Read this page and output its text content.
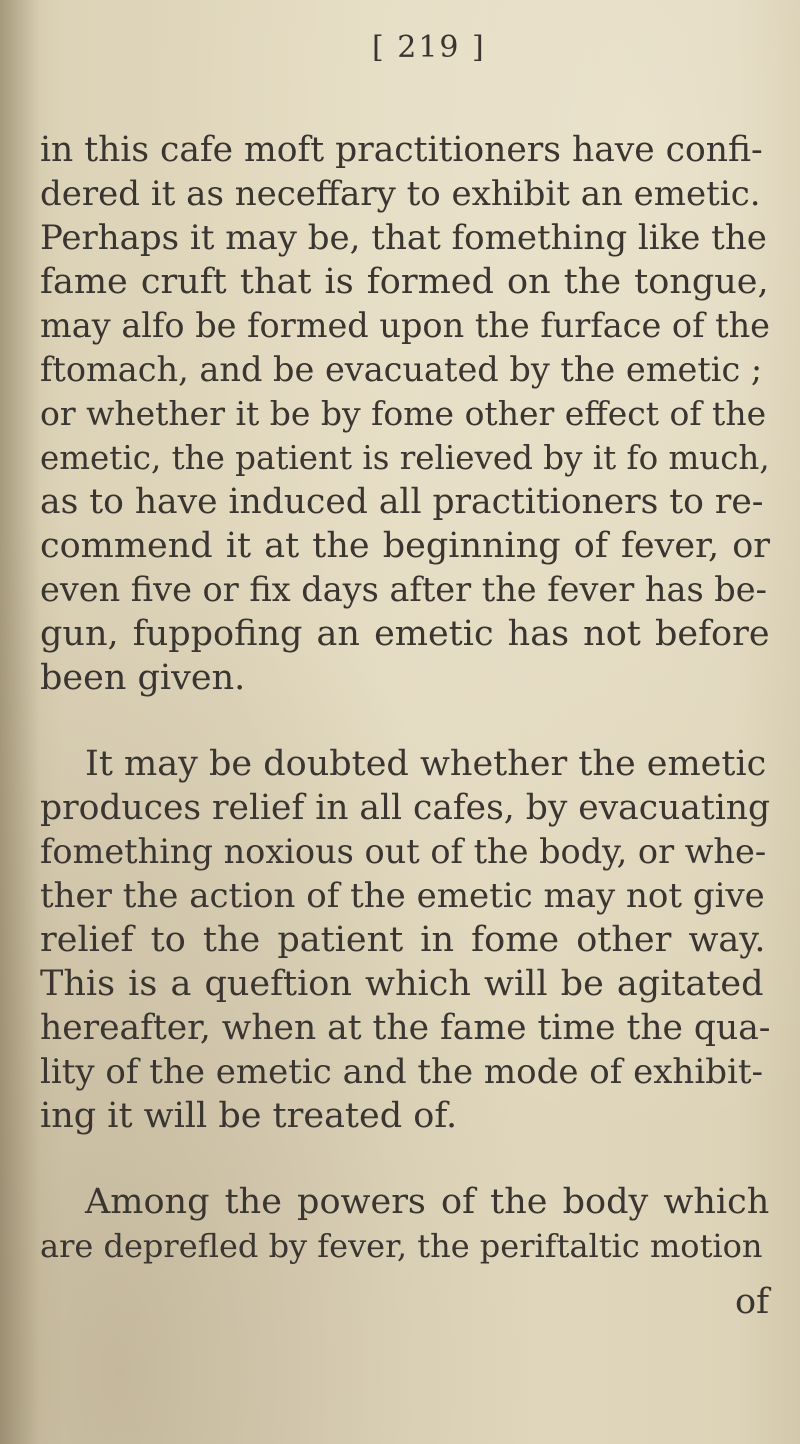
[ 219 ]
in this cafe moft practitioners have confi-
dered it as neceffary to exhibit an emetic.
Perhaps it may be, that fomething like the
fame cruft that is formed on the tongue,
may alfo be formed upon the furface of the
ftomach, and be evacuated by the emetic ;
or whether it be by fome other effect of the
emetic, the patient is relieved by it fo much,
as to have induced all practitioners to re-
commend it at the beginning of fever, or
even five or fix days after the fever has be-
gun, fuppofing an emetic has not before
been given.
It may be doubted whether the emetic
produces relief in all cafes, by evacuating
fomething noxious out of the body, or whe-
ther the action of the emetic may not give
relief to the patient in fome other way.
This is a queftion which will be agitated
hereafter, when at the fame time the qua-
lity of the emetic and the mode of exhibit-
ing it will be treated of.
Among the powers of the body which
are deprefled by fever, the periftaltic motion
of
